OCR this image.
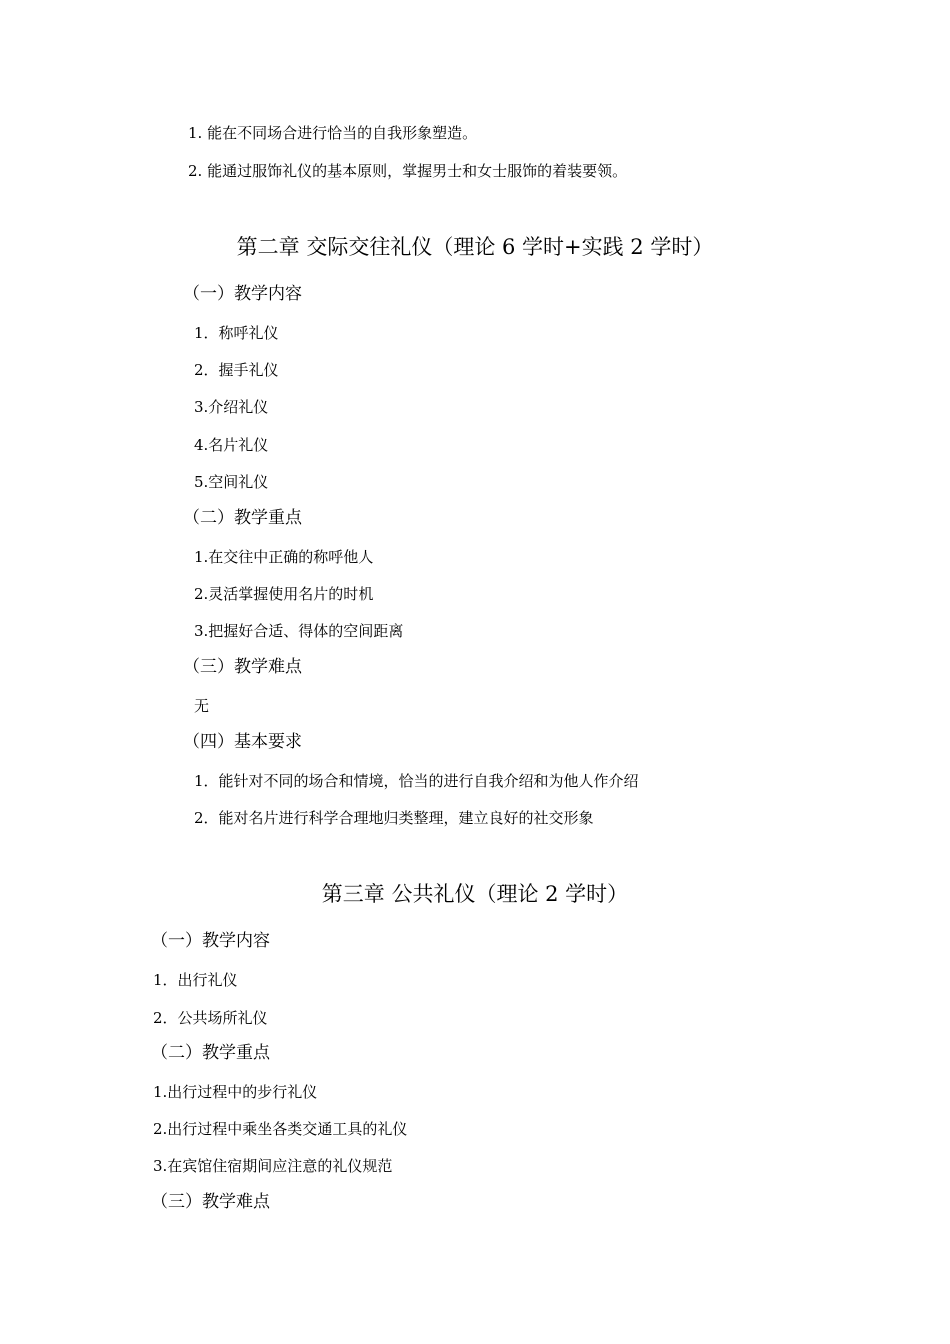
1. 能在不同场合进行恰当的自我形象塑造。
2. 能通过服饰礼仪的基本原则，掌握男士和女士服饰的着装要领。
第二章 交际交往礼仪（理论 6 学时+实践 2 学时）
（一）教学内容
1．称呼礼仪
2．握手礼仪
3.介绍礼仪
4.名片礼仪
5.空间礼仪
（二）教学重点
1.在交往中正确的称呼他人
2.灵活掌握使用名片的时机
3.把握好合适、得体的空间距离
（三）教学难点
无
（四）基本要求
1．能针对不同的场合和情境，恰当的进行自我介绍和为他人作介绍
2．能对名片进行科学合理地归类整理，建立良好的社交形象
第三章 公共礼仪（理论 2 学时）
（一）教学内容
1．出行礼仪
2．公共场所礼仪
（二）教学重点
1.出行过程中的步行礼仪
2.出行过程中乘坐各类交通工具的礼仪
3.在宾馆住宿期间应注意的礼仪规范
（三）教学难点
